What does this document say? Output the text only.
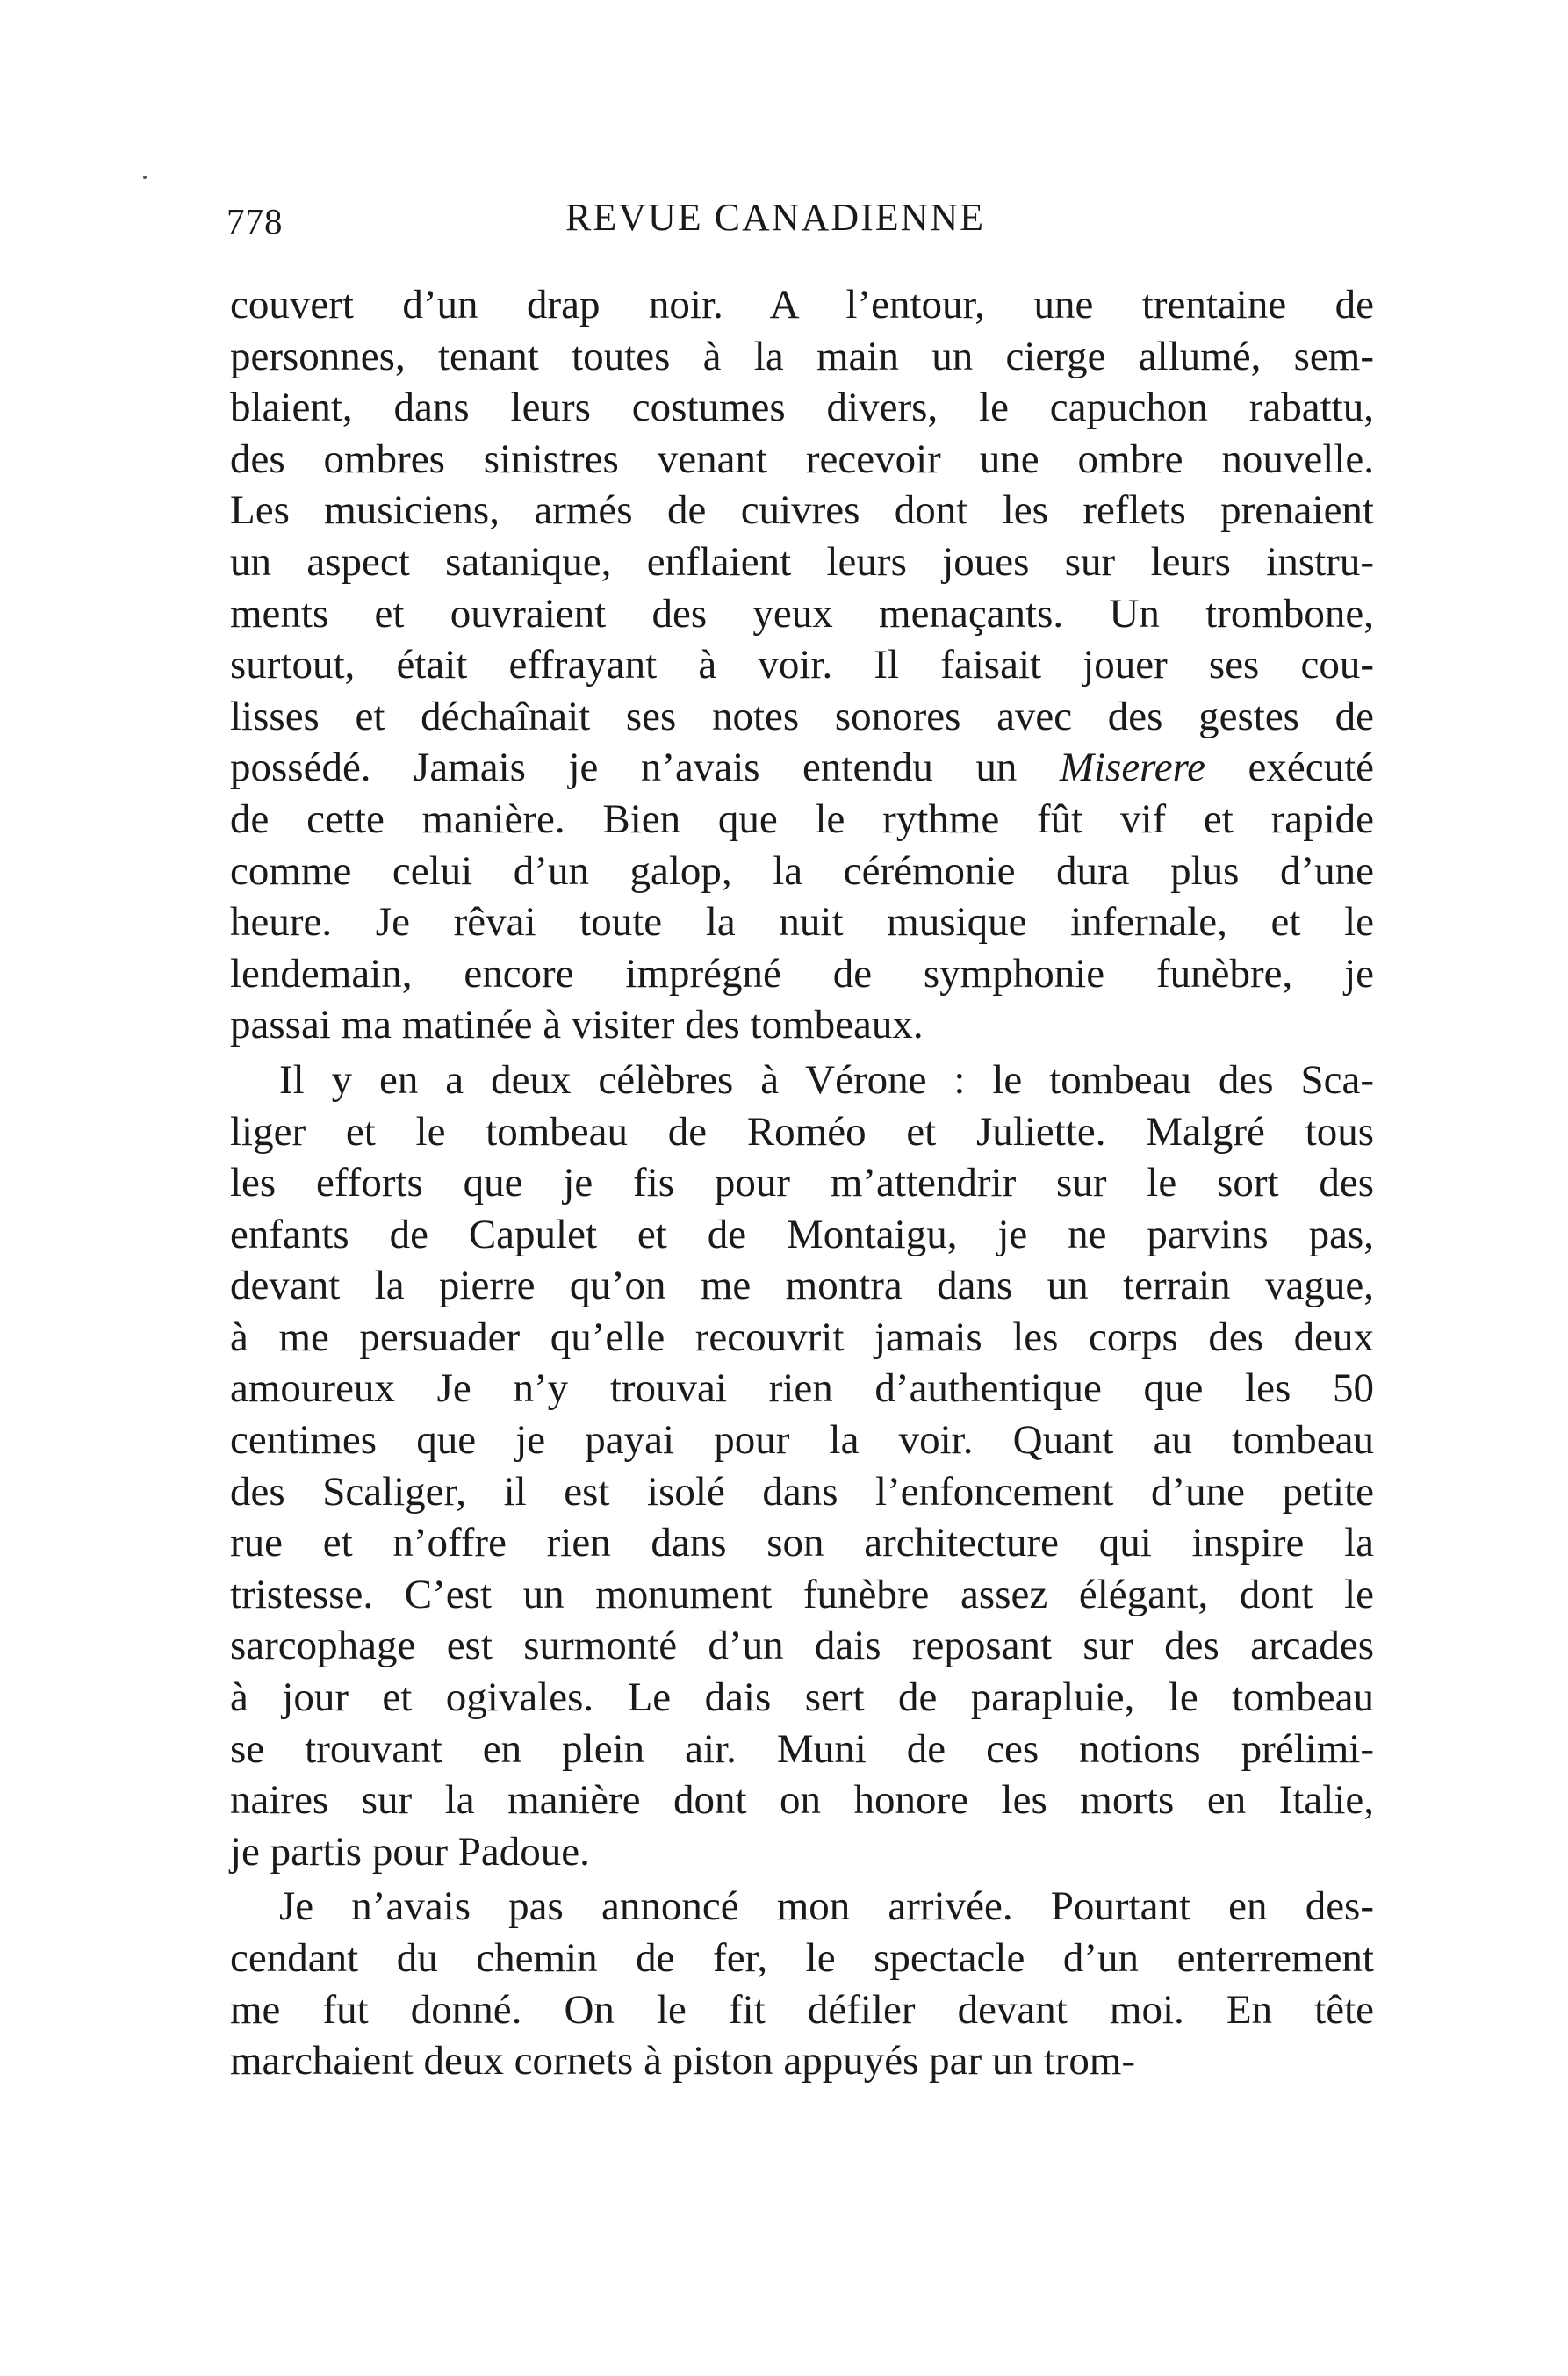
778	REVUE CANADIENNE
couvert d’un drap noir. A l’entour, une trentaine de
personnes, tenant toutes à la main un cierge allumé, sem-
blaient, dans leurs costumes divers, le capuchon rabattu,
des ombres sinistres venant recevoir une ombre nouvelle.
Les musiciens, armés de cuivres dont les reflets prenaient
un aspect satanique, enflaient leurs joues sur leurs instru-
ments et ouvraient des yeux menaçants. Un trombone,
surtout, était effrayant à voir. Il faisait jouer ses cou-
lisses et déchaînait ses notes sonores avec des gestes de
possédé. Jamais je n’avais entendu un Miserere exécuté
de cette manière. Bien que le rythme fût vif et rapide
comme celui d’un galop, la cérémonie dura plus d’une
heure. Je rêvai toute la nuit musique infernale, et le
lendemain, encore imprégné de symphonie funèbre, je
passai ma matinée à visiter des tombeaux.
Il y en a deux célèbres à Vérone : le tombeau des Sca-
liger et le tombeau de Roméo et Juliette. Malgré tous
les efforts que je fis pour m’attendrir sur le sort des
enfants de Capulet et de Montaigu, je ne parvins pas,
devant la pierre qu’on me montra dans un terrain vague,
à me persuader qu’elle recouvrit jamais les corps des deux
amoureux Je n’y trouvai rien d’authentique que les 50
centimes que je payai pour la voir. Quant au tombeau
des Scaliger, il est isolé dans l’enfoncement d’une petite
rue et n’offre rien dans son architecture qui inspire la
tristesse. C’est un monument funèbre assez élégant, dont le
sarcophage est surmonté d’un dais reposant sur des arcades
à jour et ogivales. Le dais sert de parapluie, le tombeau
se trouvant en plein air. Muni de ces notions prélimi-
naires sur la manière dont on honore les morts en Italie,
je partis pour Padoue.
Je n’avais pas annoncé mon arrivée. Pourtant en des-
cendant du chemin de fer, le spectacle d’un enterrement
me fut donné. On le fit défiler devant moi. En tête
marchaient deux cornets à piston appuyés par un trom-
